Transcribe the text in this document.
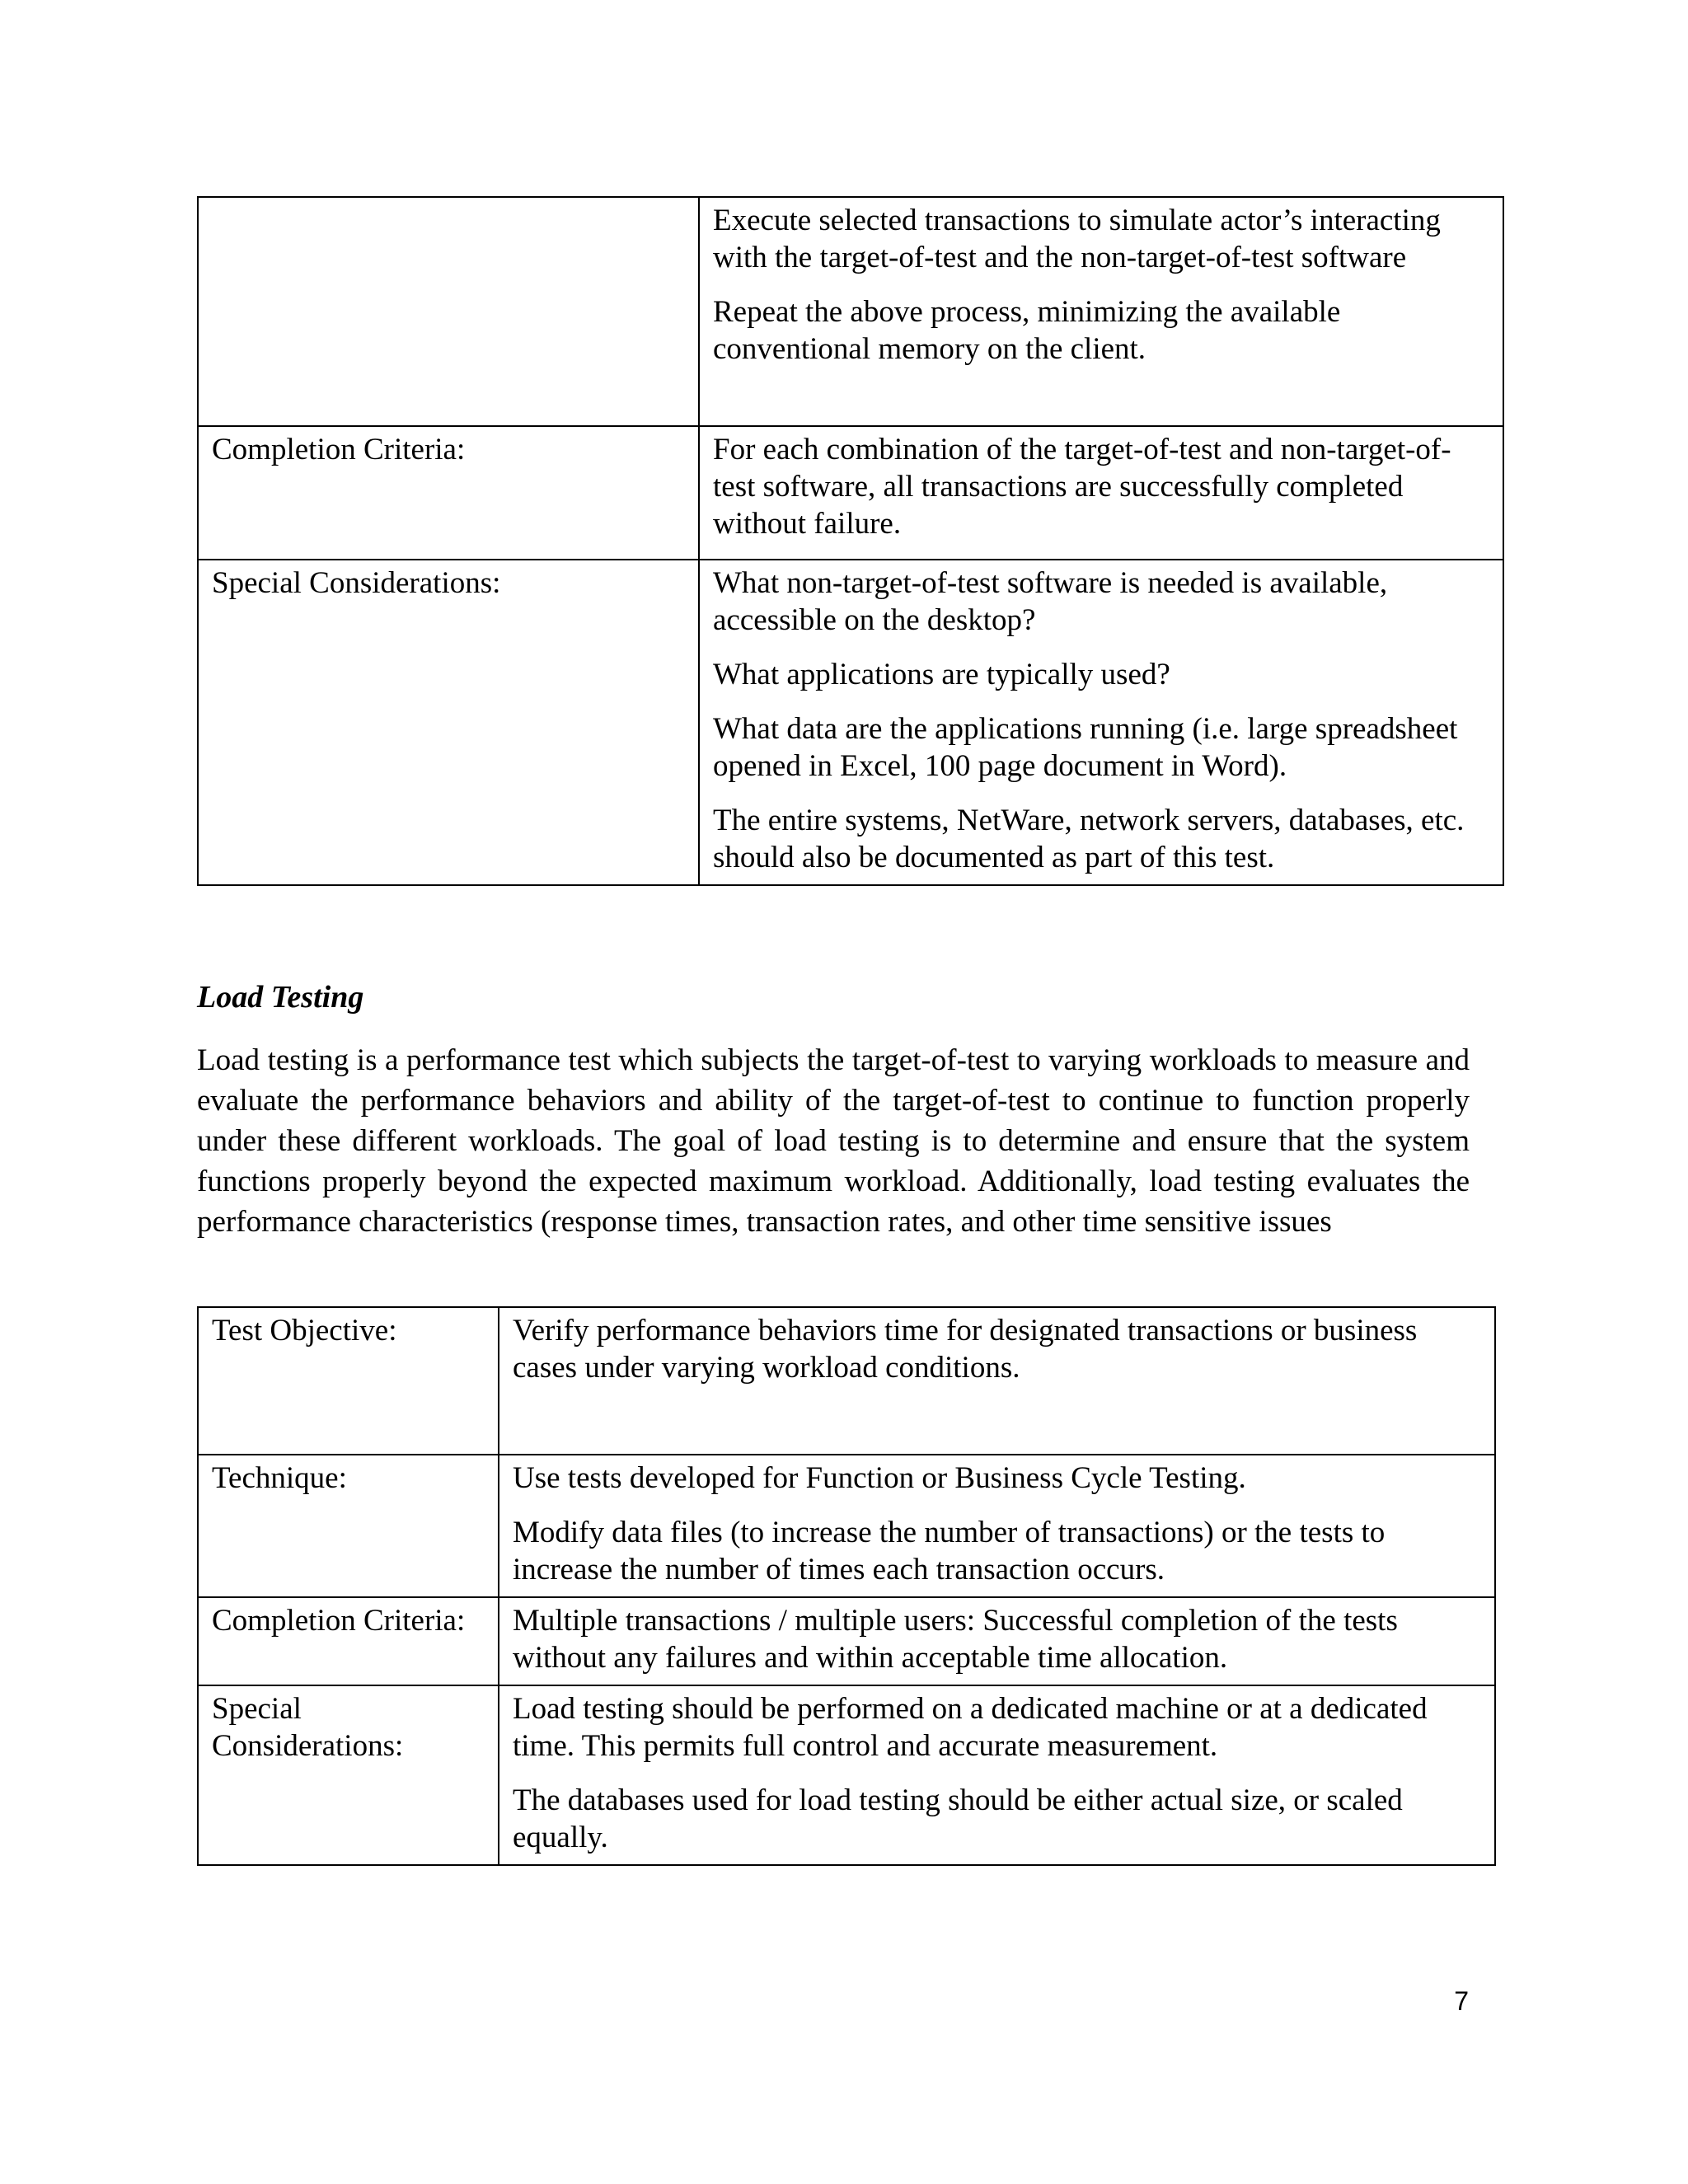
	Execute selected transactions to simulate actor’s interacting with the target-of-test and the non-target-of-test software

Repeat the above process, minimizing the available conventional memory on the client.

Completion Criteria:	For each combination of the target-of-test and non-target-of-test software, all transactions are successfully completed without failure.

Special Considerations:	What non-target-of-test software is needed is available, accessible on the desktop?

What applications are typically used?

What data are the applications running (i.e. large spreadsheet opened in Excel, 100 page document in Word).

The entire systems, NetWare, network servers, databases, etc. should also be documented as part of this test.

Load Testing

Load testing is a performance test which subjects the target-of-test to varying workloads to measure and evaluate the performance behaviors and ability of the target-of-test to continue to function properly under these different workloads. The goal of load testing is to determine and ensure that the system functions properly beyond the expected maximum workload. Additionally, load testing evaluates the performance characteristics (response times, transaction rates, and other time sensitive issues

Test Objective:	Verify performance behaviors time for designated transactions or business cases under varying workload conditions.

Technique:	Use tests developed for Function or Business Cycle Testing.

Modify data files (to increase the number of transactions) or the tests to increase the number of times each transaction occurs.

Completion Criteria:	Multiple transactions / multiple users: Successful completion of the tests without any failures and within acceptable time allocation.

Special Considerations:	Load testing should be performed on a dedicated machine or at a dedicated time. This permits full control and accurate measurement.

The databases used for load testing should be either actual size, or scaled equally.

7
